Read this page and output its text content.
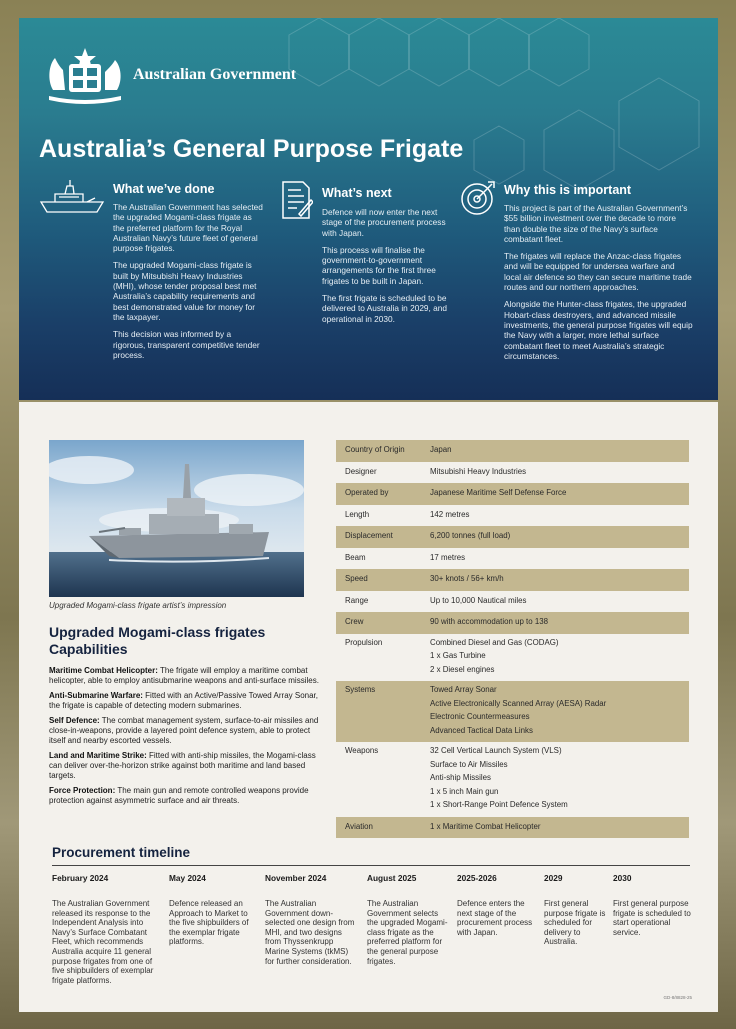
Australian Government
Australia’s General Purpose Frigate
What we’ve done

The Australian Government has selected the upgraded Mogami-class frigate as the preferred platform for the Royal Australian Navy’s future fleet of general purpose frigates.

The upgraded Mogami-class frigate is built by Mitsubishi Heavy Industries (MHI), whose tender proposal best met Australia’s capability requirements and best demonstrated value for money for the taxpayer.

This decision was informed by a rigorous, transparent competitive tender process.

What’s next

Defence will now enter the next stage of the procurement process with Japan.

This process will finalise the government-to-government arrangements for the first three frigates to be built in Japan.

The first frigate is scheduled to be delivered to Australia in 2029, and operational in 2030.

Why this is important

This project is part of the Australian Government’s $55 billion investment over the decade to more than double the size of the Navy’s surface combatant fleet.

The frigates will replace the Anzac-class frigates and will be equipped for undersea warfare and local air defence so they can secure maritime trade routes and our northern approaches.

Alongside the Hunter-class frigates, the upgraded Hobart-class destroyers, and advanced missile investments, the general purpose frigates will equip the Navy with a larger, more lethal surface combatant fleet to meet Australia’s strategic circumstances.

Upgraded Mogami-class frigate artist’s impression
Upgraded Mogami-class frigates Capabilities

Maritime Combat Helicopter: The frigate will employ a maritime combat helicopter, able to employ antisubmarine weapons and anti-surface missiles.

Anti-Submarine Warfare: Fitted with an Active/Passive Towed Array Sonar, the frigate is capable of detecting modern submarines.

Self Defence: The combat management system, surface-to-air missiles and close-in-weapons, provide a layered point defence system, able to protect itself and nearby escorted vessels.

Land and Maritime Strike: Fitted with anti-ship missiles, the Mogami-class can deliver over-the-horizon strike against both maritime and land based targets.

Force Protection: The main gun and remote controlled weapons provide protection against asymmetric surface and air threats.

Country of Origin	Japan
Designer	Mitsubishi Heavy Industries
Operated by	Japanese Maritime Self Defense Force
Length	142 metres
Displacement	6,200 tonnes (full load)
Beam	17 metres
Speed	30+ knots / 56+ km/h
Range	Up to 10,000 Nautical miles
Crew	90 with accommodation up to 138
Propulsion	Combined Diesel and Gas (CODAG)
1 x Gas Turbine
2 x Diesel engines
Systems	Towed Array Sonar
Active Electronically Scanned Array (AESA) Radar
Electronic Countermeasures
Advanced Tactical Data Links
Weapons	32 Cell Vertical Launch System (VLS)
Surface to Air Missiles
Anti-ship Missiles
1 x 5 inch Main gun
1 x Short-Range Point Defence System
Aviation	1 x Maritime Combat Helicopter
Procurement timeline
February 2024
The Australian Government released its response to the Independent Analysis into Navy’s Surface Combatant Fleet, which recommends Australia acquire 11 general purpose frigates from one of five shipbuilders of exemplar frigate platforms.
May 2024
Defence released an Approach to Market to the five shipbuilders of the exemplar frigate platforms.
November 2024
The Australian Government down-selected one design from MHI, and two designs from Thyssenkrupp Marine Systems (tkMS) for further consideration.
August 2025
The Australian Government selects the upgraded Mogami-class frigate as the preferred platform for the general purpose frigates.
2025-2026
Defence enters the next stage of the procurement process with Japan.
2029
First general purpose frigate is scheduled for delivery to Australia.
2030
First general purpose frigate is scheduled to start operational service.
GD-8/8828-25
